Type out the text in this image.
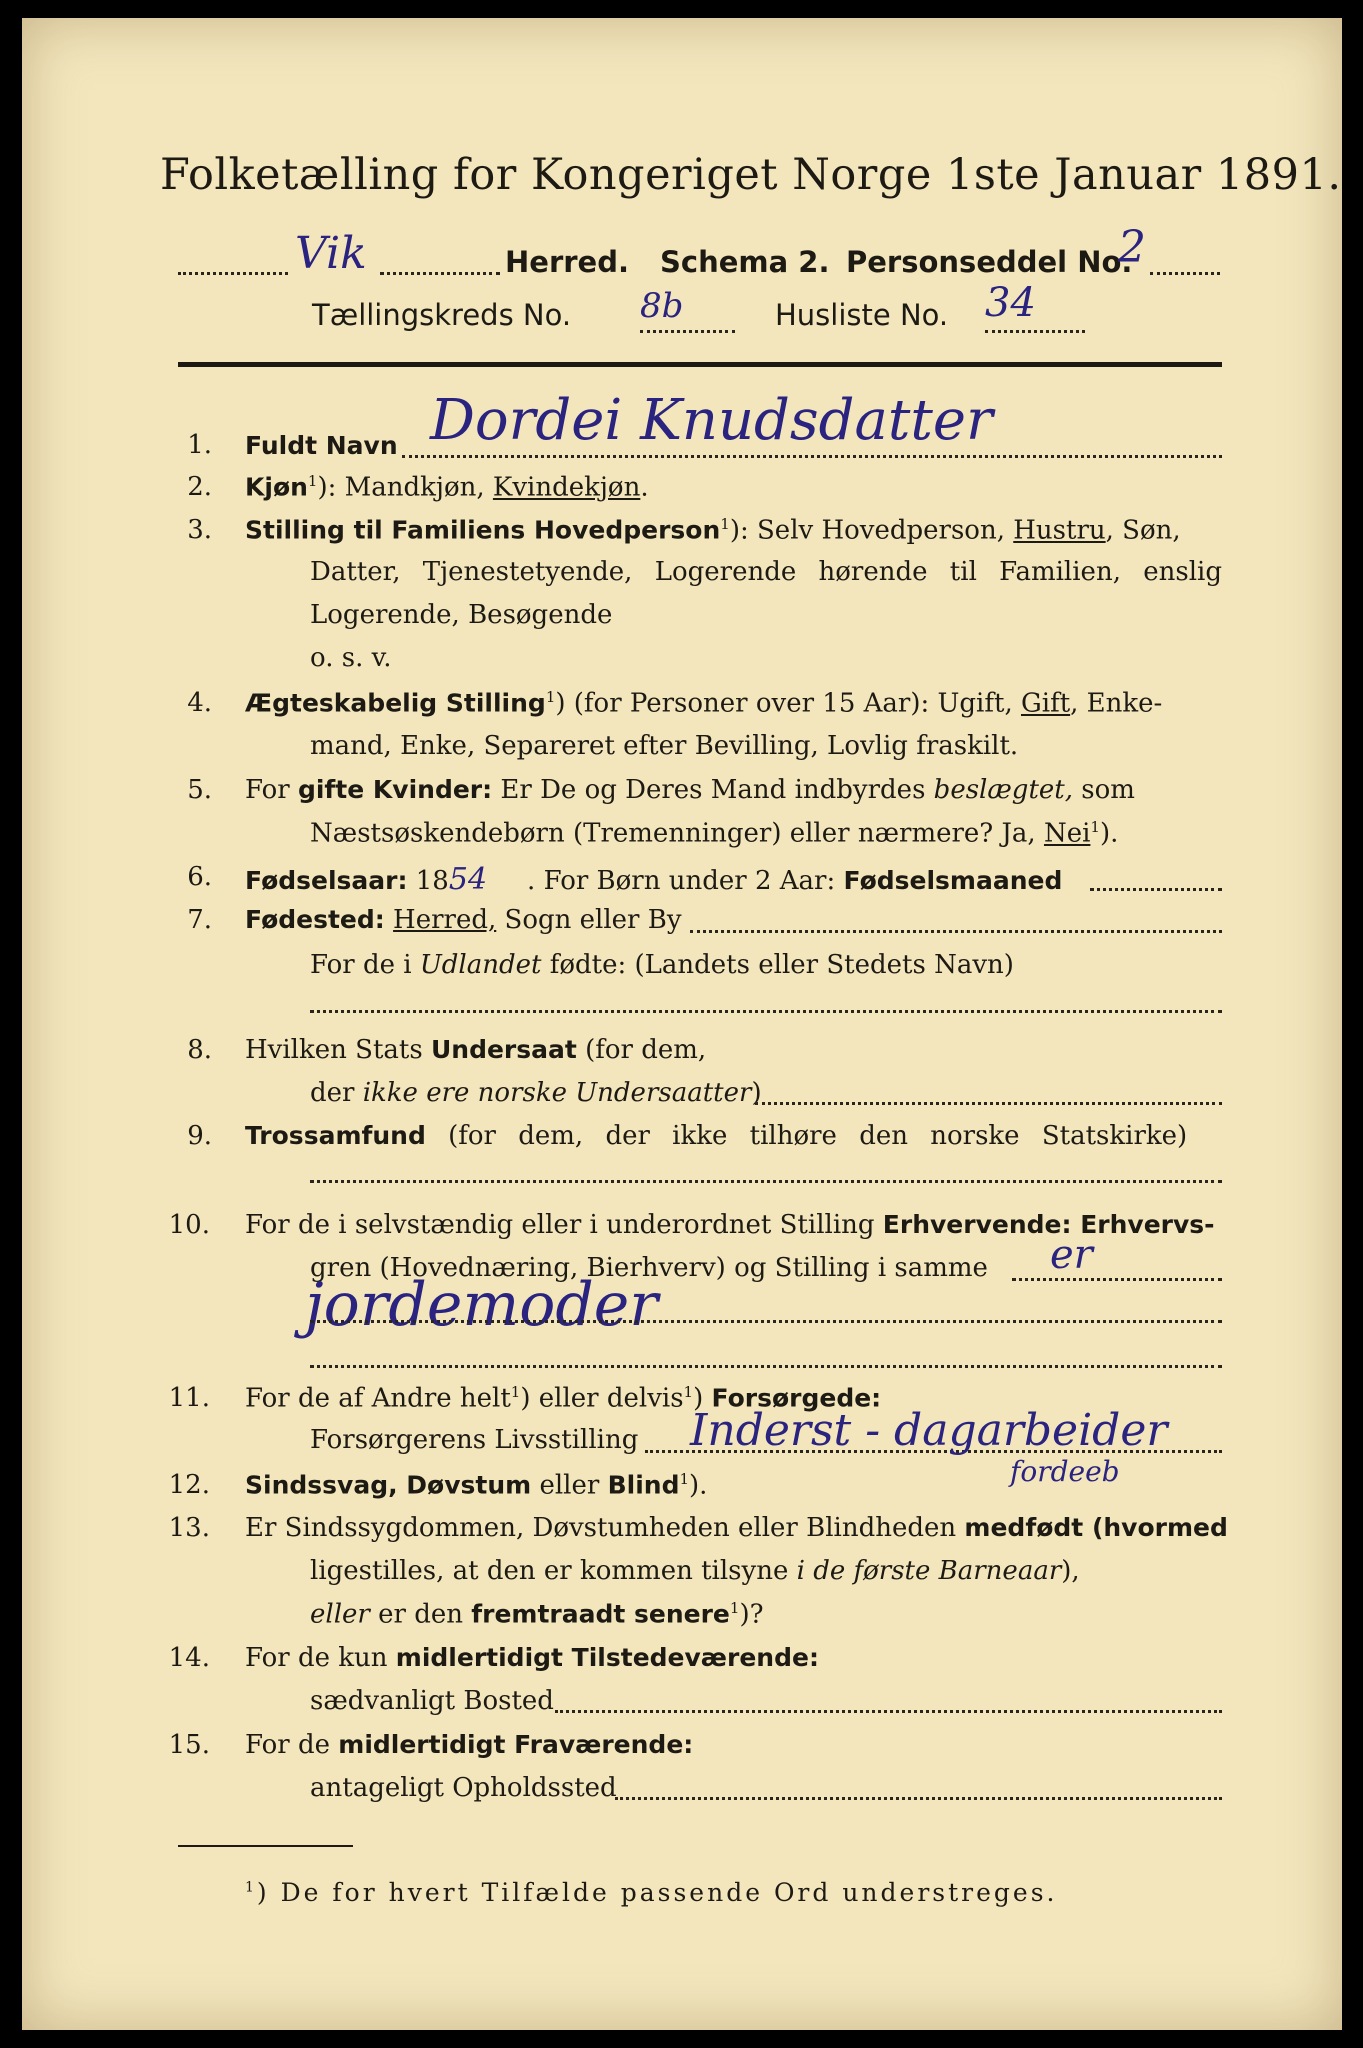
Folketælling for Kongeriget Norge 1ste Januar 1891.
Vik	Herred. Schema 2. Personseddel No.
2
Tællingskreds No. 8b	Husliste No. 34
1. Fuldt Navn Dordei Knudsdatter
2. Kjøn$^1$): Mandkjøn, Kvindekjøn.
3. Stilling til Familiens Hovedperson$^1$): Selv Hovedperson, Hustru, Søn,
Datter, Tjenestetyende, Logerende hørende til Familien, enslig
Logerende, Besøgende
o. s. v.
4. Ægteskabelig Stilling$^1$) (for Personer over 15 Aar): Ugift, Gift, Enke-
mand, Enke, Separeret efter Bevilling, Lovlig fraskilt.
5. For gifte Kvinder: Er De og Deres Mand indbyrdes beslægtet, som
Næstsøskendebørn (Tremenninger) eller nærmere? Ja, Nei$^1$).
6. Fødselsaar: 1854 . For Børn under 2 Aar: Fødselsmaaned
7. Fødested: Herred, Sogn eller By
For de i Udlandet fødte: (Landets eller Stedets Navn)
8. Hvilken Stats Undersaat (for dem,
der ikke ere norske Undersaatter)
9. Trossamfund (for dem, der ikke tilhøre den norske Statskirke)
10. For de i selvstændig eller i underordnet Stilling Erhvervende: Erhvervs-
gren (Hovednæring, Bierhverv) og Stilling i samme er
jordemoder
11. For de af Andre helt$^1$) eller delvis$^1$) Forsørgede:
Forsørgerens Livsstilling Inderst - dagarbeider
12. Sindssvag, Døvstum eller Blind$^1$).	fordeeb
13. Er Sindssygdommen, Døvstumheden eller Blindheden medfødt (hvormed
ligestilles, at den er kommen tilsyne i de første Barneaar),
eller er den fremtraadt senere$^1$)?
14. For de kun midlertidigt Tilstedeværende:
sædvanligt Bosted
15. For de midlertidigt Fraværende:
antageligt Opholdssted
$^1$) De for hvert Tilfælde passende Ord understreges.
